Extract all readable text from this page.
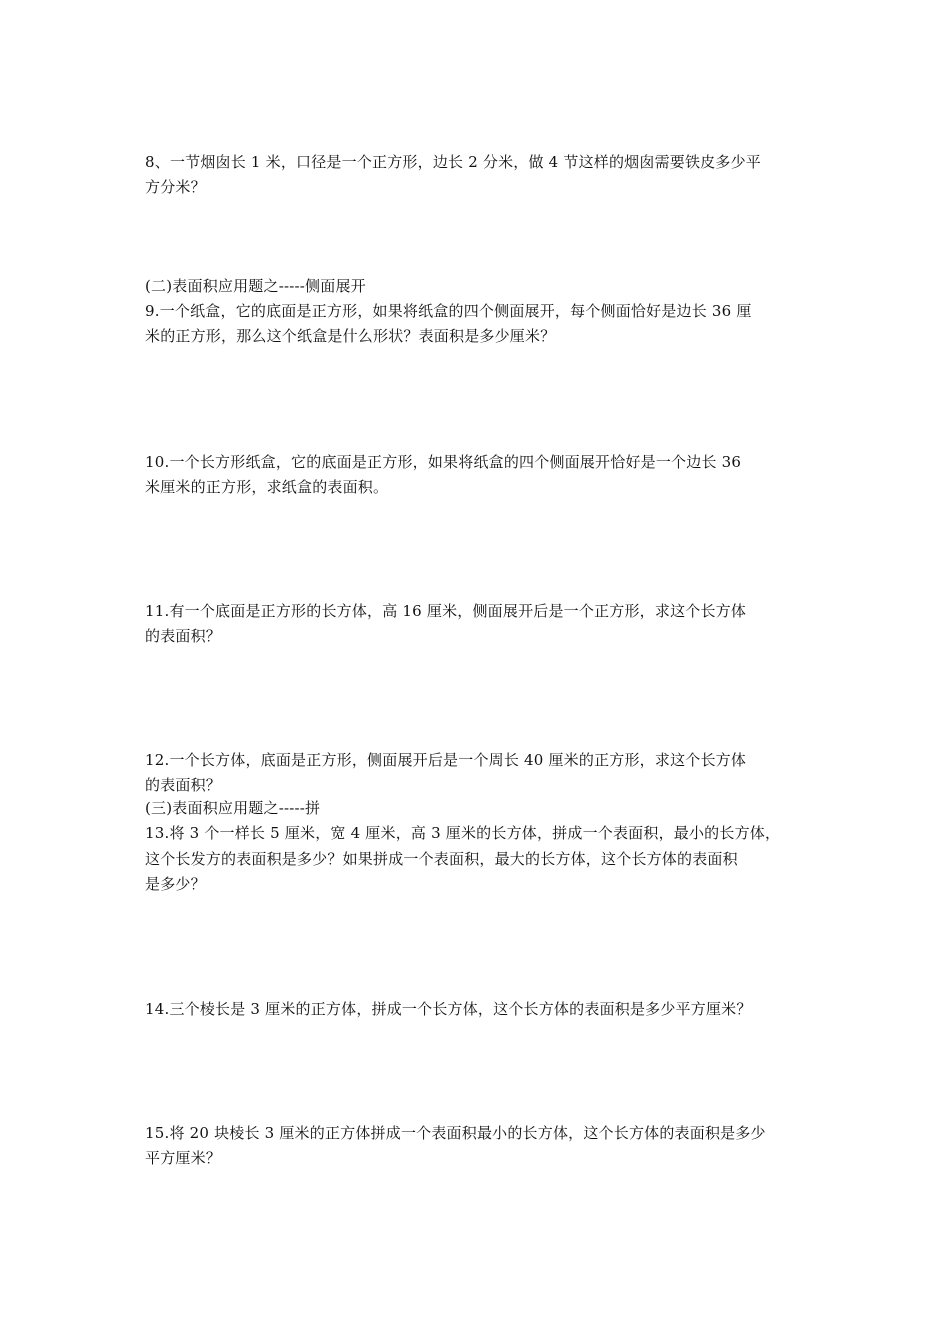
8、一节烟囱长 1 米，口径是一个正方形，边长 2 分米，做 4 节这样的烟囱需要铁皮多少平
方分米？
(二)表面积应用题之-----侧面展开
9.一个纸盒，它的底面是正方形，如果将纸盒的四个侧面展开，每个侧面恰好是边长 36 厘
米的正方形，那么这个纸盒是什么形状？表面积是多少厘米？
10.一个长方形纸盒，它的底面是正方形，如果将纸盒的四个侧面展开恰好是一个边长 36
米厘米的正方形，求纸盒的表面积。
11.有一个底面是正方形的长方体，高 16 厘米，侧面展开后是一个正方形，求这个长方体
的表面积？
12.一个长方体，底面是正方形，侧面展开后是一个周长 40 厘米的正方形，求这个长方体
的表面积？
(三)表面积应用题之-----拼
13.将 3 个一样长 5 厘米，宽 4 厘米，高 3 厘米的长方体，拼成一个表面积，最小的长方体，
这个长发方的表面积是多少？如果拼成一个表面积，最大的长方体，这个长方体的表面积
是多少？
14.三个棱长是 3 厘米的正方体，拼成一个长方体，这个长方体的表面积是多少平方厘米？
15.将 20 块棱长 3 厘米的正方体拼成一个表面积最小的长方体，这个长方体的表面积是多少
平方厘米？
